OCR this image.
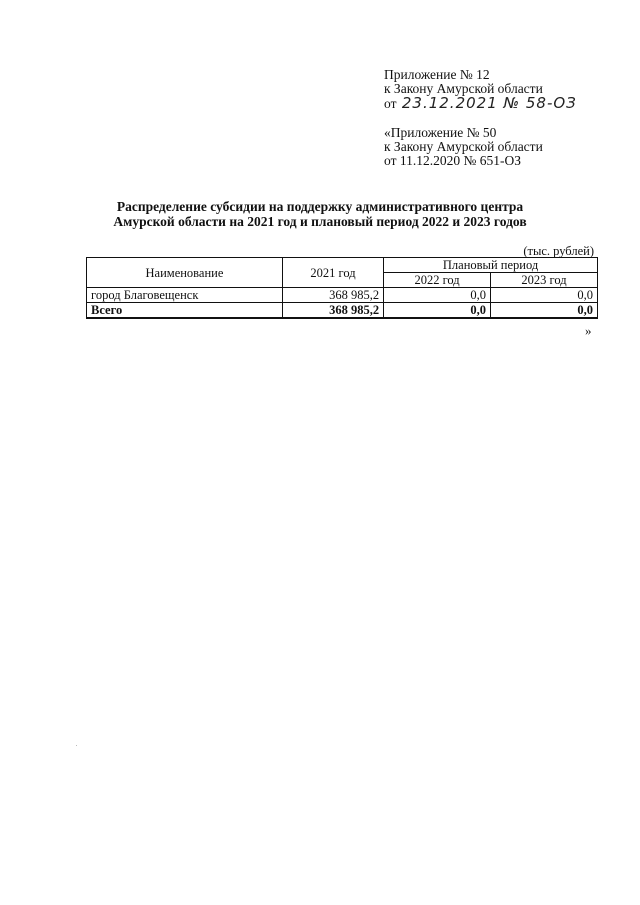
Приложение № 12
к Закону Амурской области
от 23.12.2021 № 58-ОЗ
«Приложение № 50
к Закону Амурской области
от 11.12.2020 № 651-ОЗ
Распределение субсидии на поддержку административного центра
Амурской области на 2021 год и плановый период 2022 и 2023 годов
(тыс. рублей)
Наименование	2021 год	Плановый период	
		2022 год	2023 год
город Благовещенск	368 985,2	0,0	0,0
Всего	368 985,2	0,0	0,0
»
